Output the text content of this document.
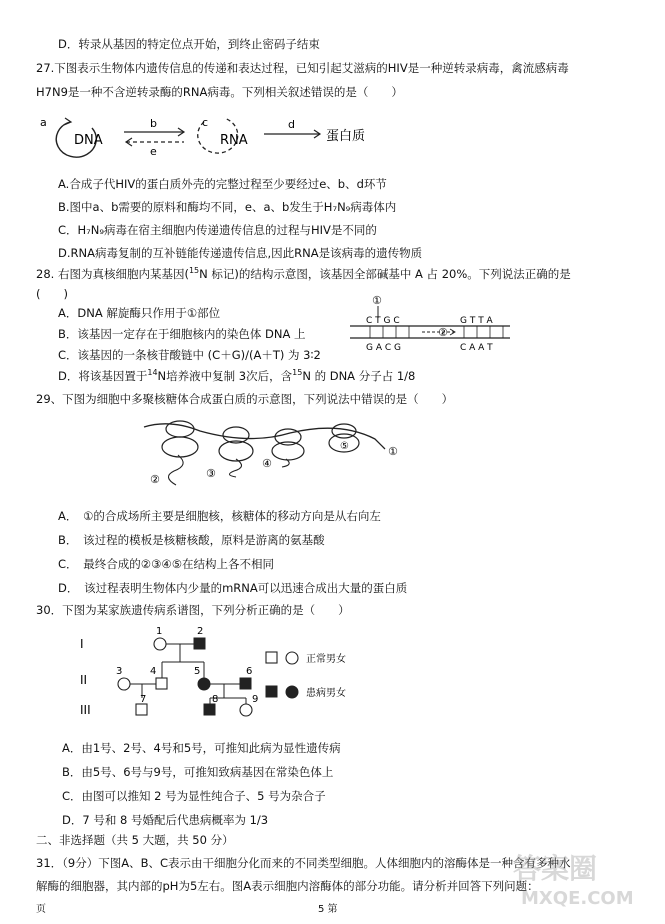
D．转录从基因的特定位点开始，到终止密码子结束
27.下图表示生物体内遗传信息的传递和表达过程，已知引起艾滋病的HIV是一种逆转录病毒，禽流感病毒
H7N9是一种不含逆转录酶的RNA病毒。下列相关叙述错误的是（　　）
a
DNA
b
e
c
RNA
d
蛋白质
A.合成子代HIV的蛋白质外壳的完整过程至少要经过e、b、d环节
B.图中a、b需要的原料和酶均不同，e、a、b发生于H₇N₉病毒体内
C．H₇N₉病毒在宿主细胞内传递遗传信息的过程与HIV是不同的
D.RNA病毒复制的互补链能传递遗传信息,因此RNA是该病毒的遗传物质
28. 右图为真核细胞内某基因($^{15}$N 标记)的结构示意图，该基因全部碱基中 A 占 20%。下列说法正确的是
(　　)
A．DNA 解旋酶只作用于①部位
B．该基因一定存在于细胞核内的染色体 DNA 上
C．该基因的一条核苷酸链中 (C＋G)/(A＋T) 为 3∶2
D．将该基因置于$^{14}$N培养液中复制 3次后，含$^{15}$N 的 DNA 分子占 1/8
①
C T G C	G T T A
G A C G	C A A T
②
29、下图为细胞中多聚核糖体合成蛋白质的示意图，下列说法中错误的是（　　）
①
②	③
④
⑤
A．　①的合成场所主要是细胞核，核糖体的移动方向是从右向左
B．　该过程的模板是核糖核酸，原料是游离的氨基酸
C．　最终合成的②③④⑤在结构上各不相同
D．　该过程表明生物体内少量的mRNA可以迅速合成出大量的蛋白质
30．下图为某家族遗传病系谱图，下列分析正确的是（　　）
I
II
III
1	2
3	4	5	6
7	8	9
正常男女
患病男女
A．由1号、2号、4号和5号，可推知此病为显性遗传病
B．由5号、6号与9号，可推知致病基因在常染色体上
C．由图可以推知 2 号为显性纯合子、5 号为杂合子
D．7 号和 8 号婚配后代患病概率为 1/3
二、非选择题（共 5 大题，共 50 分）
31．（9分）下图A、B、C表示由干细胞分化而来的不同类型细胞。人体细胞内的溶酶体是一种含有多种水
解酶的细胞器，其内部的pH为5左右。图A表示细胞内溶酶体的部分功能。请分析并回答下列问题：
页	5 第
答案圈
MXQE.COM
